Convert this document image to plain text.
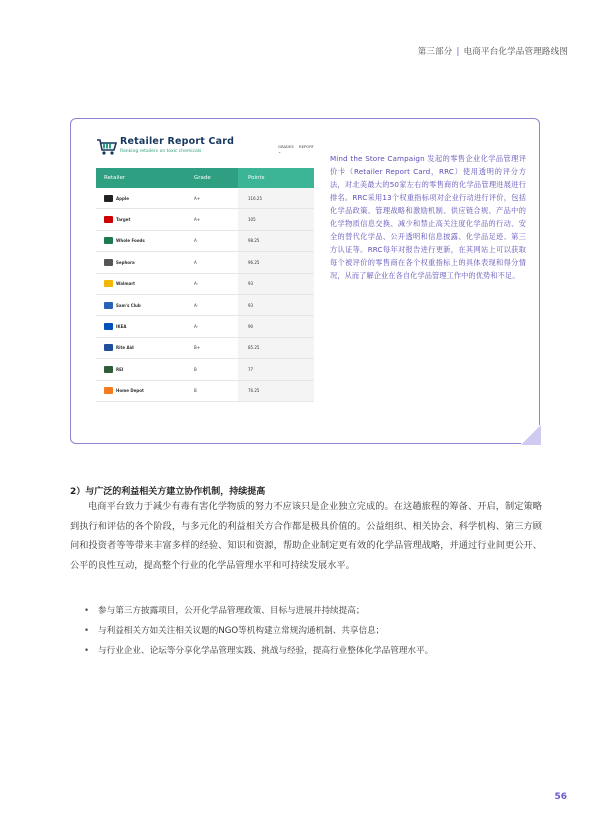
第三部分 | 电商平台化学品管理路线图
Retailer Report Card
Ranking retailers on toxic chemicals
GRADES REPORT ⌄
Retailer	Grade	Points
Apple	A+	116.25
Target	A+	105
Whole Foods	A	98.25
Sephora	A	96.25
Walmart	A-	93
Sam's Club	A-	93
IKEA	A-	90
Rite Aid	B+	85.25
REI	B	77
Home Depot	B	76.25
Mind the Store Campaign 发起的零售企业化学品管理评价卡（Retailer Report Card，RRC）使用透明的评分方法，对北美最大的50家左右的零售商的化学品管理进展进行排名。RRC采用13个权重指标项对企业行动进行评价，包括化学品政策、管理战略和激励机制、供应链合规、产品中的化学物质信息交换、减少和禁止高关注度化学品的行动、安全的替代化学品、公开透明和信息披露、化学品足迹、第三方认证等。RRC每年对报告进行更新，在其网站上可以获取每个被评价的零售商在各个权重指标上的具体表现和得分情况，从而了解企业在各自化学品管理工作中的优势和不足。
2）与广泛的利益相关方建立协作机制，持续提高
电商平台致力于减少有毒有害化学物质的努力不应该只是企业独立完成的。在这趟旅程的筹备、开启，制定策略到执行和评估的各个阶段，与多元化的利益相关方合作都是极具价值的。公益组织、相关协会、科学机构、第三方顾问和投资者等等带来丰富多样的经验、知识和资源，帮助企业制定更有效的化学品管理战略，并通过行业间更公开、公平的良性互动，提高整个行业的化学品管理水平和可持续发展水平。
• 参与第三方披露项目，公开化学品管理政策、目标与进展并持续提高；
• 与利益相关方如关注相关议题的NGO等机构建立常规沟通机制、共享信息；
• 与行业企业、论坛等分享化学品管理实践、挑战与经验，提高行业整体化学品管理水平。
56
